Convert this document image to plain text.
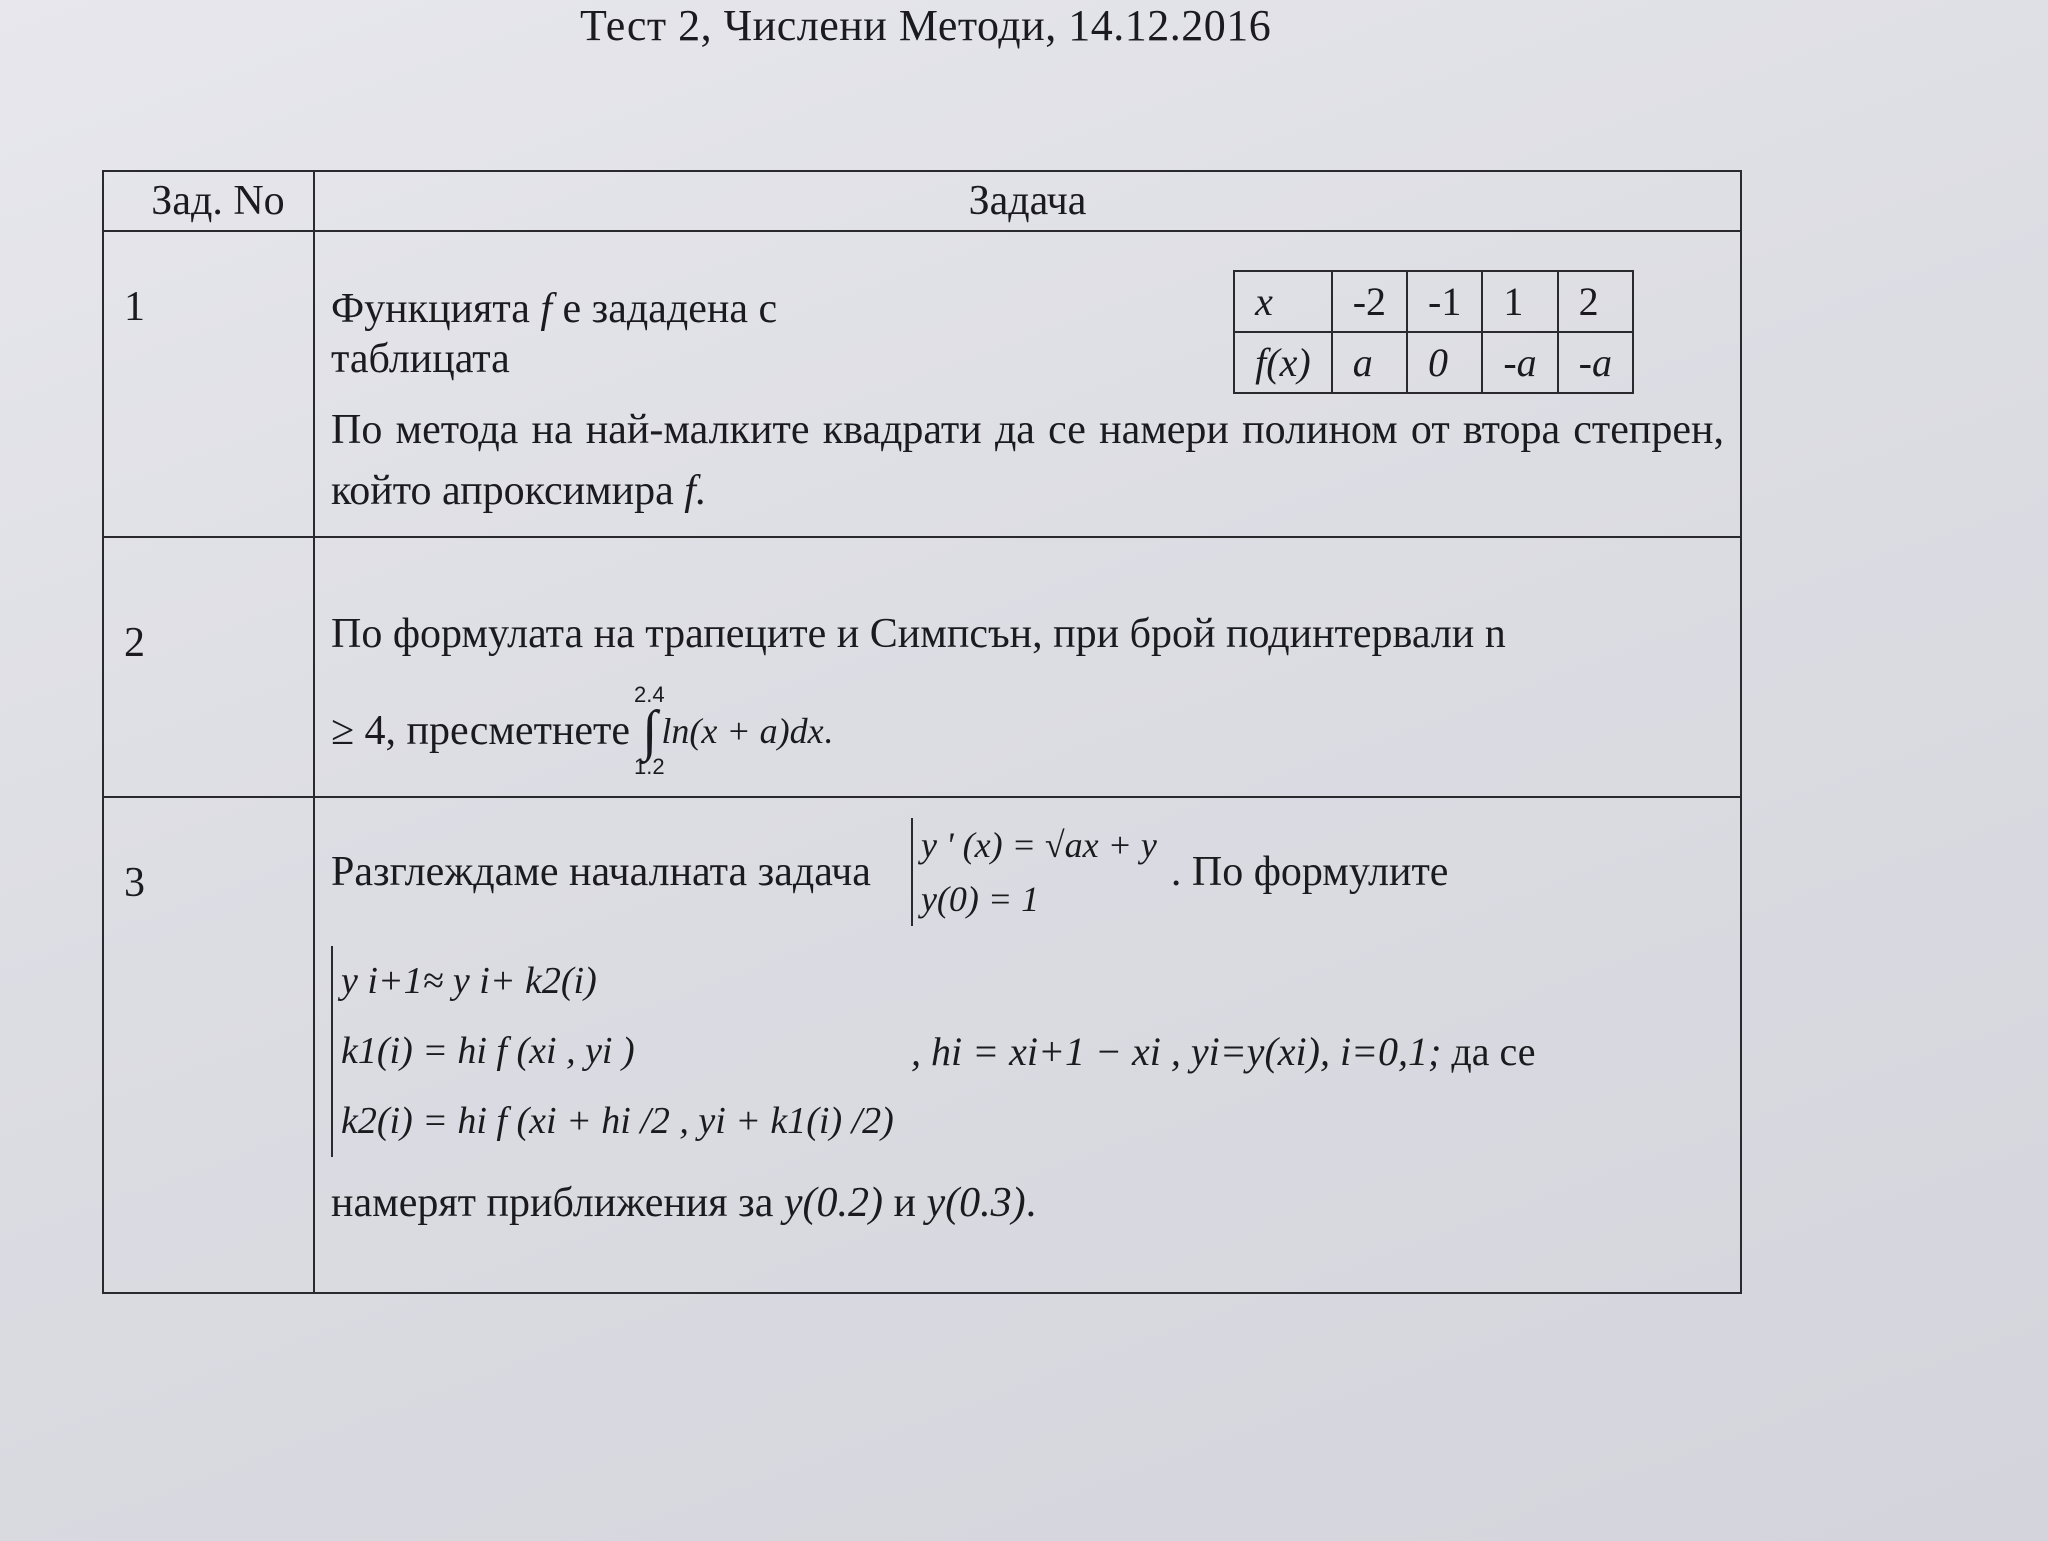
Тест 2, Числени Методи, 14.12.2016
Зад. No	Задача

1	Функцията f е зададена с
таблицата
x	-2	-1	1	2
f(x)	a	0	-a	-a
По метода на най-малките квадрати да се намери полином от втора степрен, който апроксимира f.

2	По формулата на трапеците и Симпсън, при брой подинтервали n
≥ 4, пресметнете
2.4
∫ ln(x + a)dx .
1.2

3	Разглеждаме началната задача
y ' (x) = √ax + y
y(0) = 1
. По формулите
y i+1≈ y i+ k2(i)
k1(i) = hi f (xi , yi )
k2(i) = hi f (xi + hi /2 , yi + k1(i) /2)
, hi = xi+1 − xi , yi=y(xi), i=0,1; да се
намерят приближения за y(0.2) и y(0.3).
